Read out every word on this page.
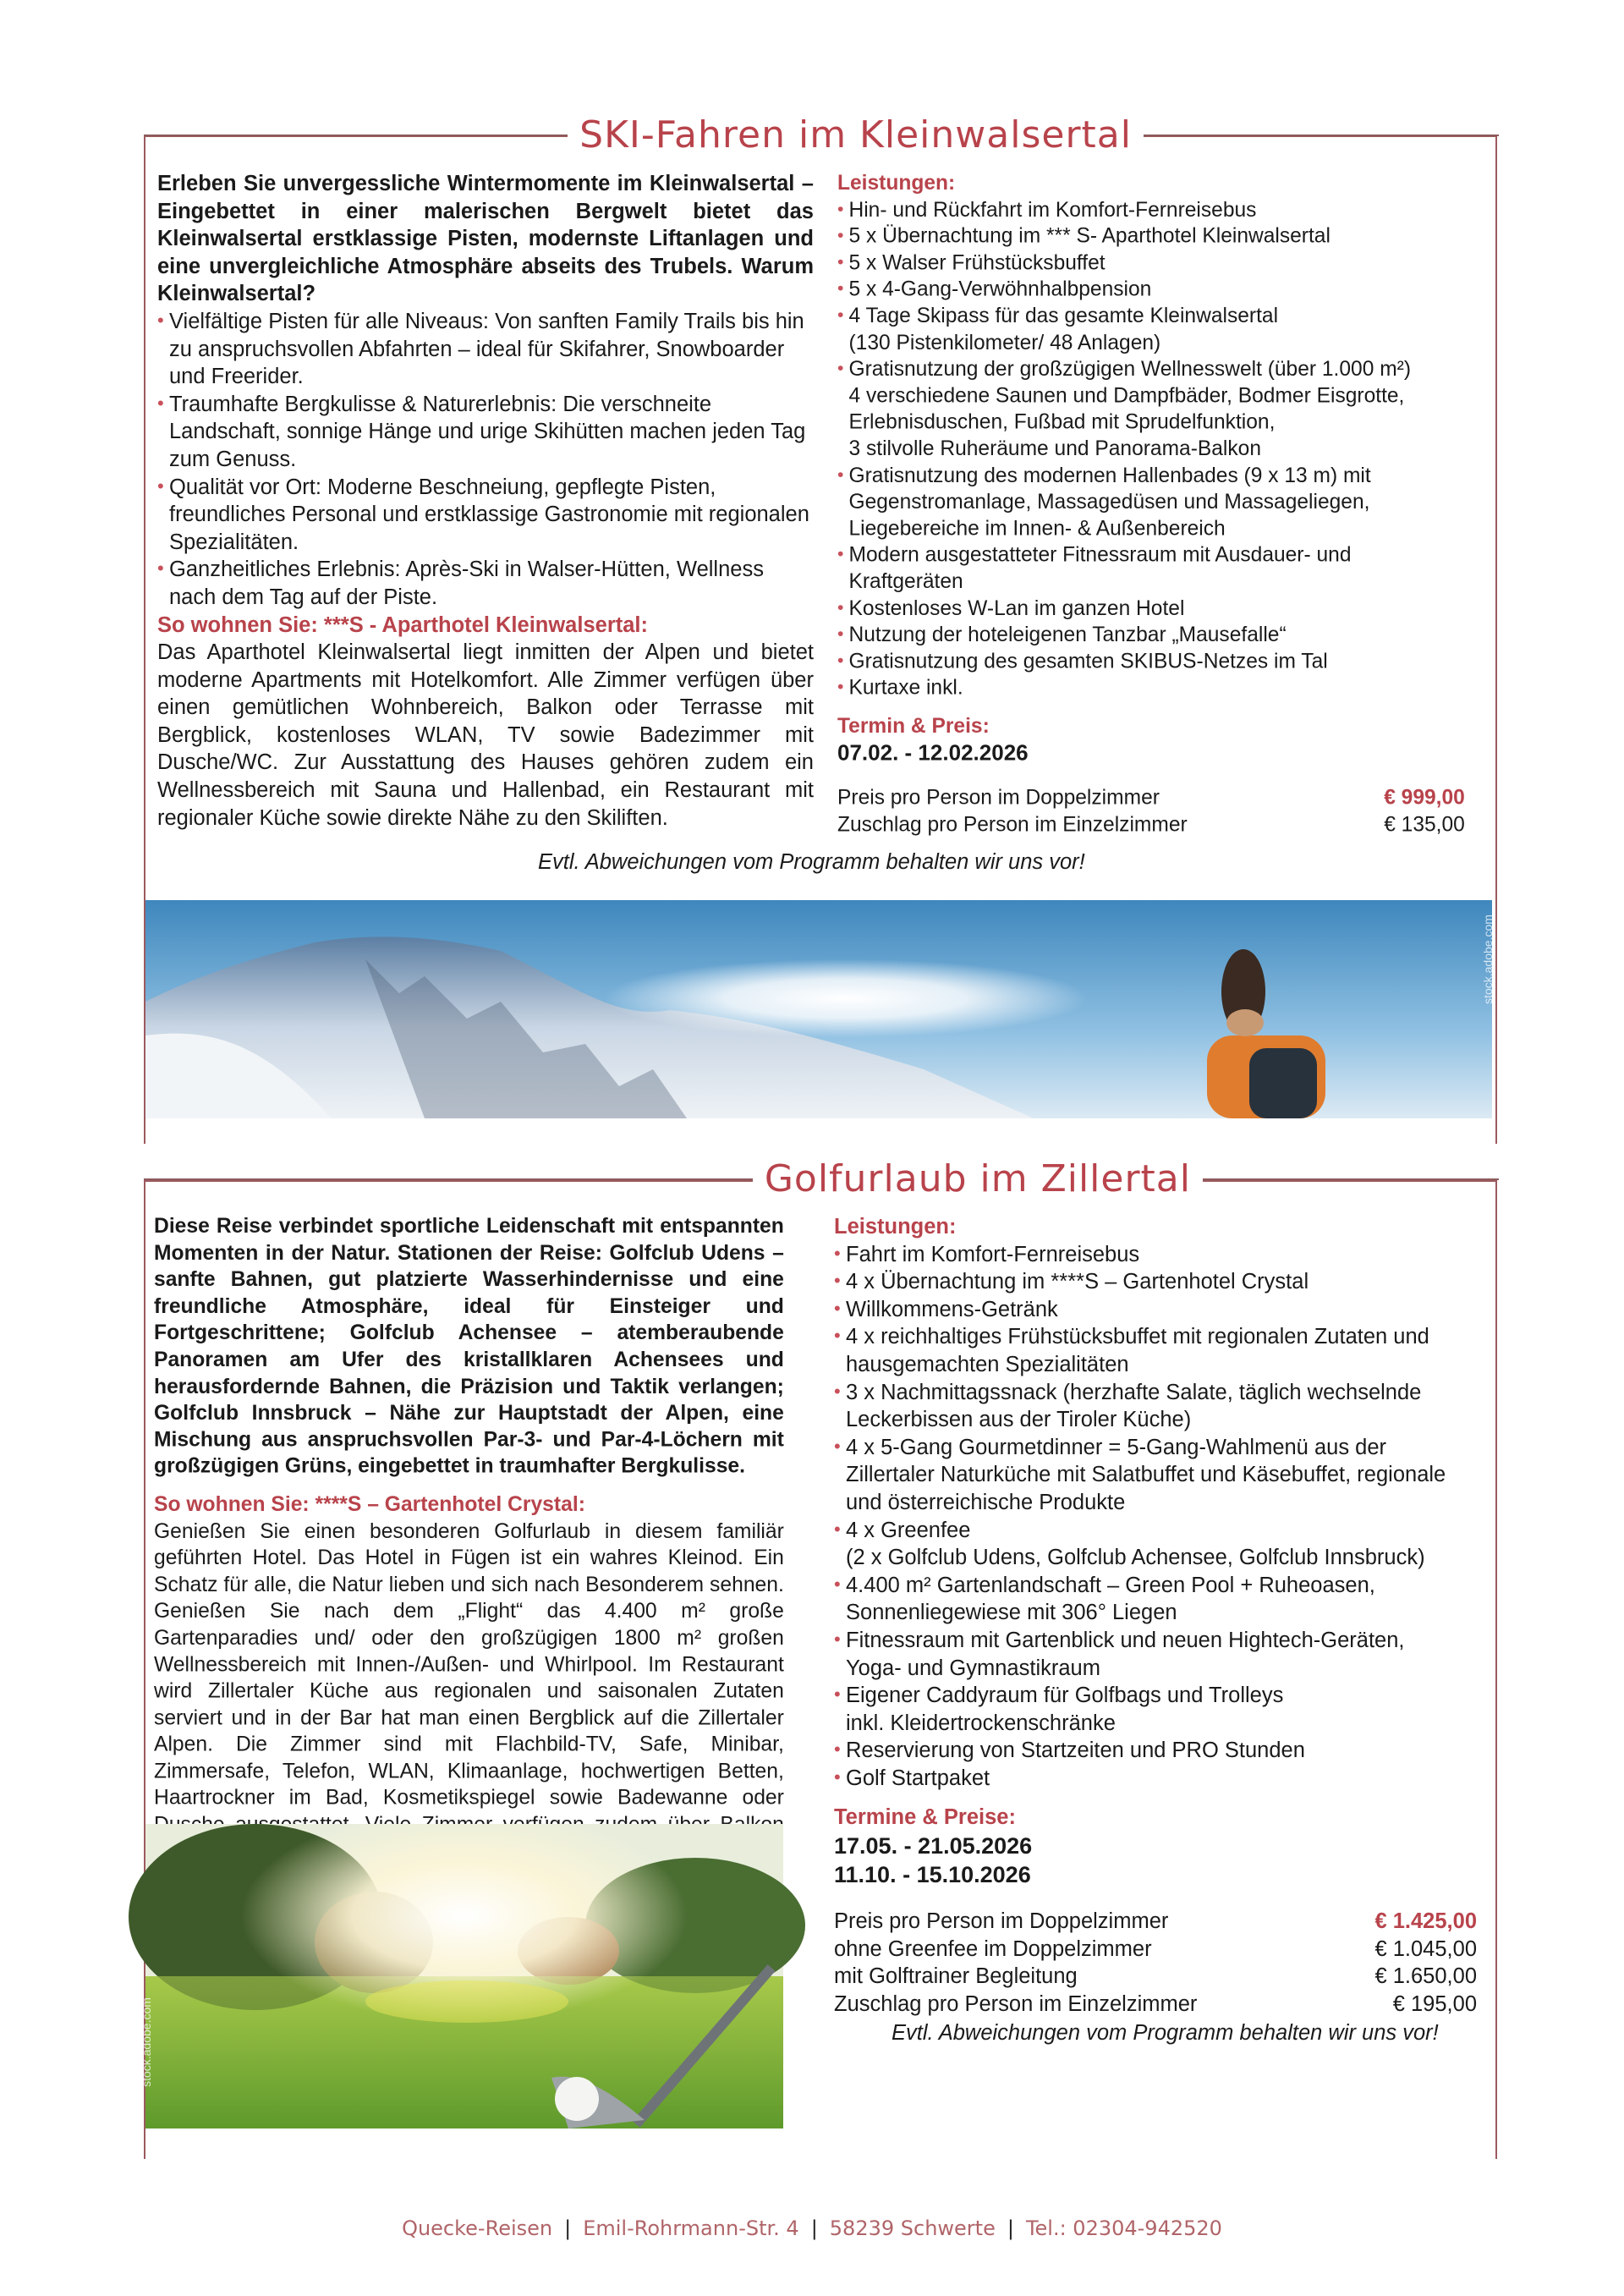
SKI-Fahren im Kleinwalsertal
Erleben Sie unvergessliche Wintermomente im Kleinwalsertal – Eingebettet in einer malerischen Bergwelt bietet das Kleinwalsertal erstklassige Pisten, modernste Liftanlagen und eine unvergleichliche Atmosphäre abseits des Trubels. Warum Kleinwalsertal?
• Vielfältige Pisten für alle Niveaus: Von sanften Family Trails bis hin zu anspruchsvollen Abfahrten – ideal für Skifahrer, Snowboarder und Freerider.
• Traumhafte Bergkulisse & Naturerlebnis: Die verschneite Landschaft, sonnige Hänge und urige Skihütten machen jeden Tag zum Genuss.
• Qualität vor Ort: Moderne Beschneiung, gepflegte Pisten, freundliches Personal und erstklassige Gastronomie mit regionalen Spezialitäten.
• Ganzheitliches Erlebnis: Après-Ski in Walser-Hütten, Wellness nach dem Tag auf der Piste.
So wohnen Sie: ***S - Aparthotel Kleinwalsertal:
Das Aparthotel Kleinwalsertal liegt inmitten der Alpen und bietet moderne Apartments mit Hotelkomfort. Alle Zimmer verfügen über einen gemütlichen Wohnbereich, Balkon oder Terrasse mit Bergblick, kostenloses WLAN, TV sowie Badezimmer mit Dusche/WC. Zur Ausstattung des Hauses gehören zudem ein Wellnessbereich mit Sauna und Hallenbad, ein Restaurant mit regionaler Küche sowie direkte Nähe zu den Skiliften.
Leistungen:
• Hin- und Rückfahrt im Komfort-Fernreisebus
• 5 x Übernachtung im *** S- Aparthotel Kleinwalsertal
• 5 x Walser Frühstücksbuffet
• 5 x 4-Gang-Verwöhnhalbpension
• 4 Tage Skipass für das gesamte Kleinwalsertal
(130 Pistenkilometer/ 48 Anlagen)
• Gratisnutzung der großzügigen Wellnesswelt (über 1.000 m²)
4 verschiedene Saunen und Dampfbäder, Bodmer Eisgrotte,
Erlebnisduschen, Fußbad mit Sprudelfunktion,
3 stilvolle Ruheräume und Panorama-Balkon
• Gratisnutzung des modernen Hallenbades (9 x 13 m) mit Gegenstromanlage, Massagedüsen und Massageliegen, Liegebereiche im Innen- & Außenbereich
• Modern ausgestatteter Fitnessraum mit Ausdauer- und Kraftgeräten
• Kostenloses W-Lan im ganzen Hotel
• Nutzung der hoteleigenen Tanzbar „Mausefalle“
• Gratisnutzung des gesamten SKIBUS-Netzes im Tal
• Kurtaxe inkl.
Termin & Preis:
07.02. - 12.02.2026
Preis pro Person im Doppelzimmer	€ 999,00
Zuschlag pro Person im Einzelzimmer	€ 135,00
Evtl. Abweichungen vom Programm behalten wir uns vor!
stock.adobe.com
Golfurlaub im Zillertal
Diese Reise verbindet sportliche Leidenschaft mit entspannten Momenten in der Natur. Stationen der Reise: Golfclub Udens – sanfte Bahnen, gut platzierte Wasserhindernisse und eine freundliche Atmosphäre, ideal für Einsteiger und Fortgeschrittene; Golfclub Achensee – atemberaubende Panoramen am Ufer des kristallklaren Achensees und herausfordernde Bahnen, die Präzision und Taktik verlangen; Golfclub Innsbruck – Nähe zur Hauptstadt der Alpen, eine Mischung aus anspruchsvollen Par-3- und Par-4-Löchern mit großzügigen Grüns, eingebettet in traumhafter Bergkulisse.
So wohnen Sie: ****S – Gartenhotel Crystal:
Genießen Sie einen besonderen Golfurlaub in diesem familiär geführten Hotel. Das Hotel in Fügen ist ein wahres Kleinod. Ein Schatz für alle, die Natur lieben und sich nach Besonderem sehnen. Genießen Sie nach dem „Flight“ das 4.400 m² große Gartenparadies und/ oder den großzügigen 1800 m² großen Wellnessbereich mit Innen-/Außen- und Whirlpool. Im Restaurant wird Zillertaler Küche aus regionalen und saisonalen Zutaten serviert und in der Bar hat man einen Bergblick auf die Zillertaler Alpen. Die Zimmer sind mit Flachbild-TV, Safe, Minibar, Zimmersafe, Telefon, WLAN, Klimaanlage, hochwertigen Betten, Haartrockner im Bad, Kosmetikspiegel sowie Badewanne oder
Leistungen:
• Fahrt im Komfort-Fernreisebus
• 4 x Übernachtung im ****S – Gartenhotel Crystal
• Willkommens-Getränk
• 4 x reichhaltiges Frühstücksbuffet mit regionalen Zutaten und hausgemachten Spezialitäten
• 3 x Nachmittagssnack (herzhafte Salate, täglich wechselnde Leckerbissen aus der Tiroler Küche)
• 4 x 5-Gang Gourmetdinner = 5-Gang-Wahlmenü aus der Zillertaler Naturküche mit Salatbuffet und Käsebuffet, regionale und österreichische Produkte
• 4 x Greenfee
(2 x Golfclub Udens, Golfclub Achensee, Golfclub Innsbruck)
• 4.400 m² Gartenlandschaft – Green Pool + Ruheoasen,
Sonnenliegewiese mit 306° Liegen
• Fitnessraum mit Gartenblick und neuen Hightech-Geräten,
Yoga- und Gymnastikraum
• Eigener Caddyraum für Golfbags und Trolleys
inkl. Kleidertrockenschränke
• Reservierung von Startzeiten und PRO Stunden
• Golf Startpaket
Termine & Preise:
17.05. - 21.05.2026
11.10. - 15.10.2026
Preis pro Person im Doppelzimmer	€ 1.425,00
ohne Greenfee im Doppelzimmer	€ 1.045,00
mit Golftrainer Begleitung	€ 1.650,00
Zuschlag pro Person im Einzelzimmer	€ 195,00
Evtl. Abweichungen vom Programm behalten wir uns vor!
stock.adobe.com
Quecke-Reisen | Emil-Rohrmann-Str. 4 | 58239 Schwerte | Tel.: 02304-942520
